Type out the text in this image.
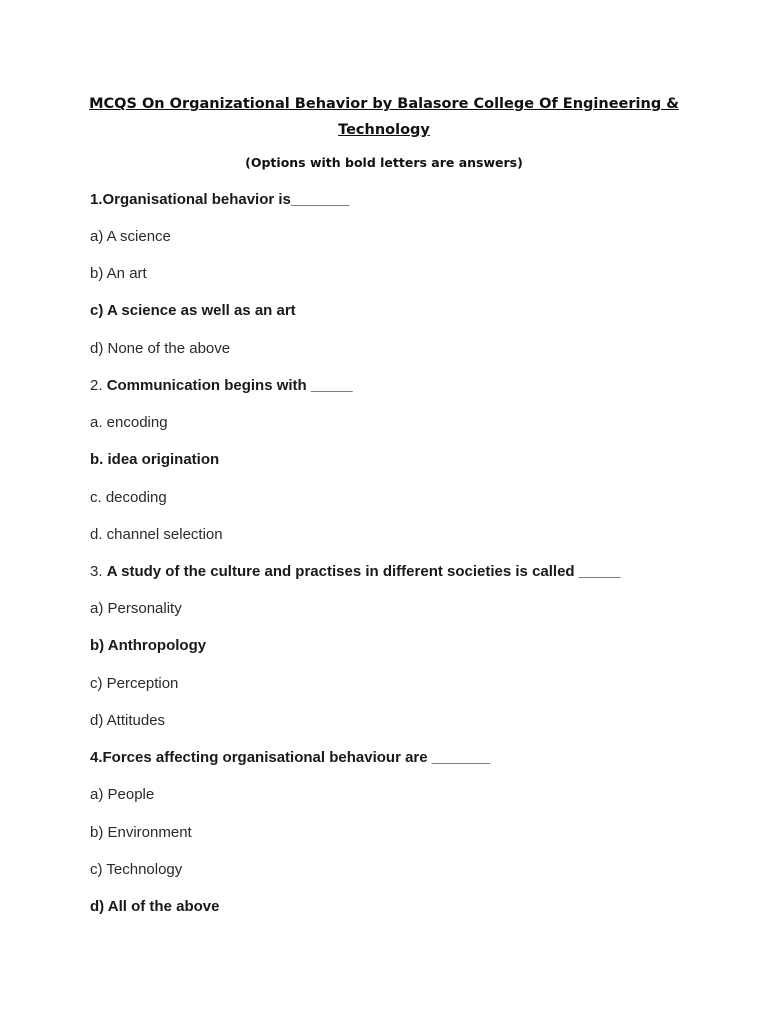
MCQS On Organizational Behavior by Balasore College Of Engineering &
Technology
(Options with bold letters are answers)
1.Organisational behavior is_______
a) A science
b) An art
c) A science as well as an art
d) None of the above
2. Communication begins with _____
a. encoding
b. idea origination
c. decoding
d. channel selection
3. A study of the culture and practises in different societies is called _____
a) Personality
b) Anthropology
c) Perception
d) Attitudes
4.Forces affecting organisational behaviour are _______
a) People
b) Environment
c) Technology
d) All of the above
